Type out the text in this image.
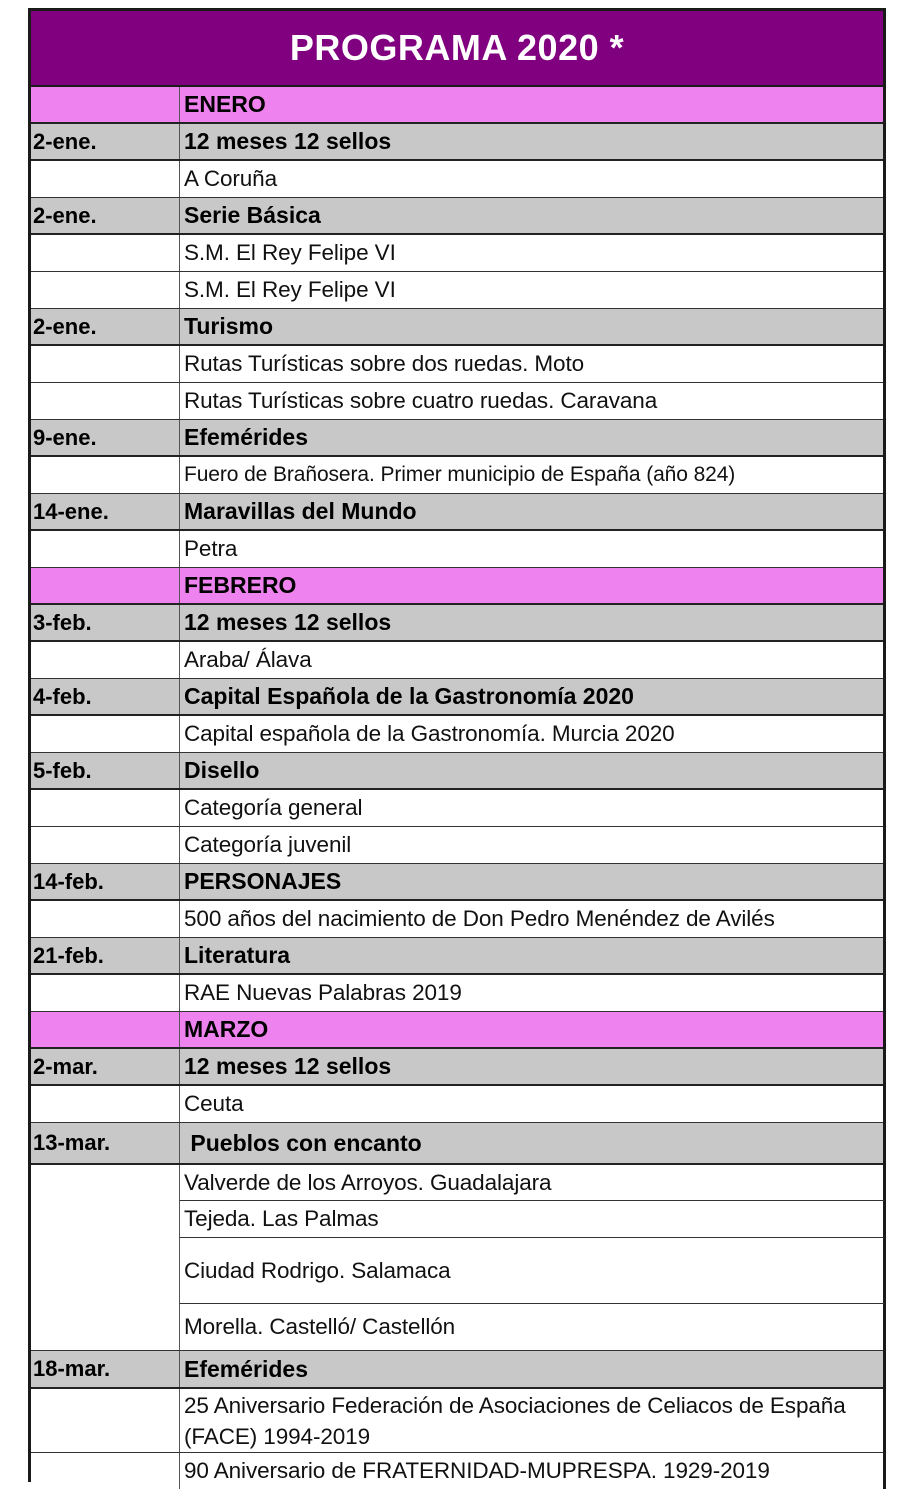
PROGRAMA 2020 *
ENERO
2-ene.	12 meses 12 sellos
A Coruña
2-ene.	Serie Básica
S.M. El Rey Felipe VI
S.M. El Rey Felipe VI
2-ene.	Turismo
Rutas Turísticas sobre dos ruedas. Moto
Rutas Turísticas sobre cuatro ruedas. Caravana
9-ene.	Efemérides
Fuero de Brañosera. Primer municipio de España (año 824)
14-ene.	Maravillas del Mundo
Petra
FEBRERO
3-feb.	12 meses 12 sellos
Araba/ Álava
4-feb.	Capital Española de la Gastronomía 2020
Capital española de la Gastronomía. Murcia 2020
5-feb.	Disello
Categoría general
Categoría juvenil
14-feb.	PERSONAJES
500 años del nacimiento de Don Pedro Menéndez de Avilés
21-feb.	Literatura
RAE Nuevas Palabras 2019
MARZO
2-mar.	12 meses 12 sellos
Ceuta
13-mar.	Pueblos con encanto
Valverde de los Arroyos. Guadalajara
Tejeda. Las Palmas
Ciudad Rodrigo. Salamaca
Morella. Castelló/ Castellón
18-mar.	Efemérides
25 Aniversario Federación de Asociaciones de Celiacos de España (FACE) 1994-2019
90 Aniversario de FRATERNIDAD-MUPRESPA. 1929-2019
